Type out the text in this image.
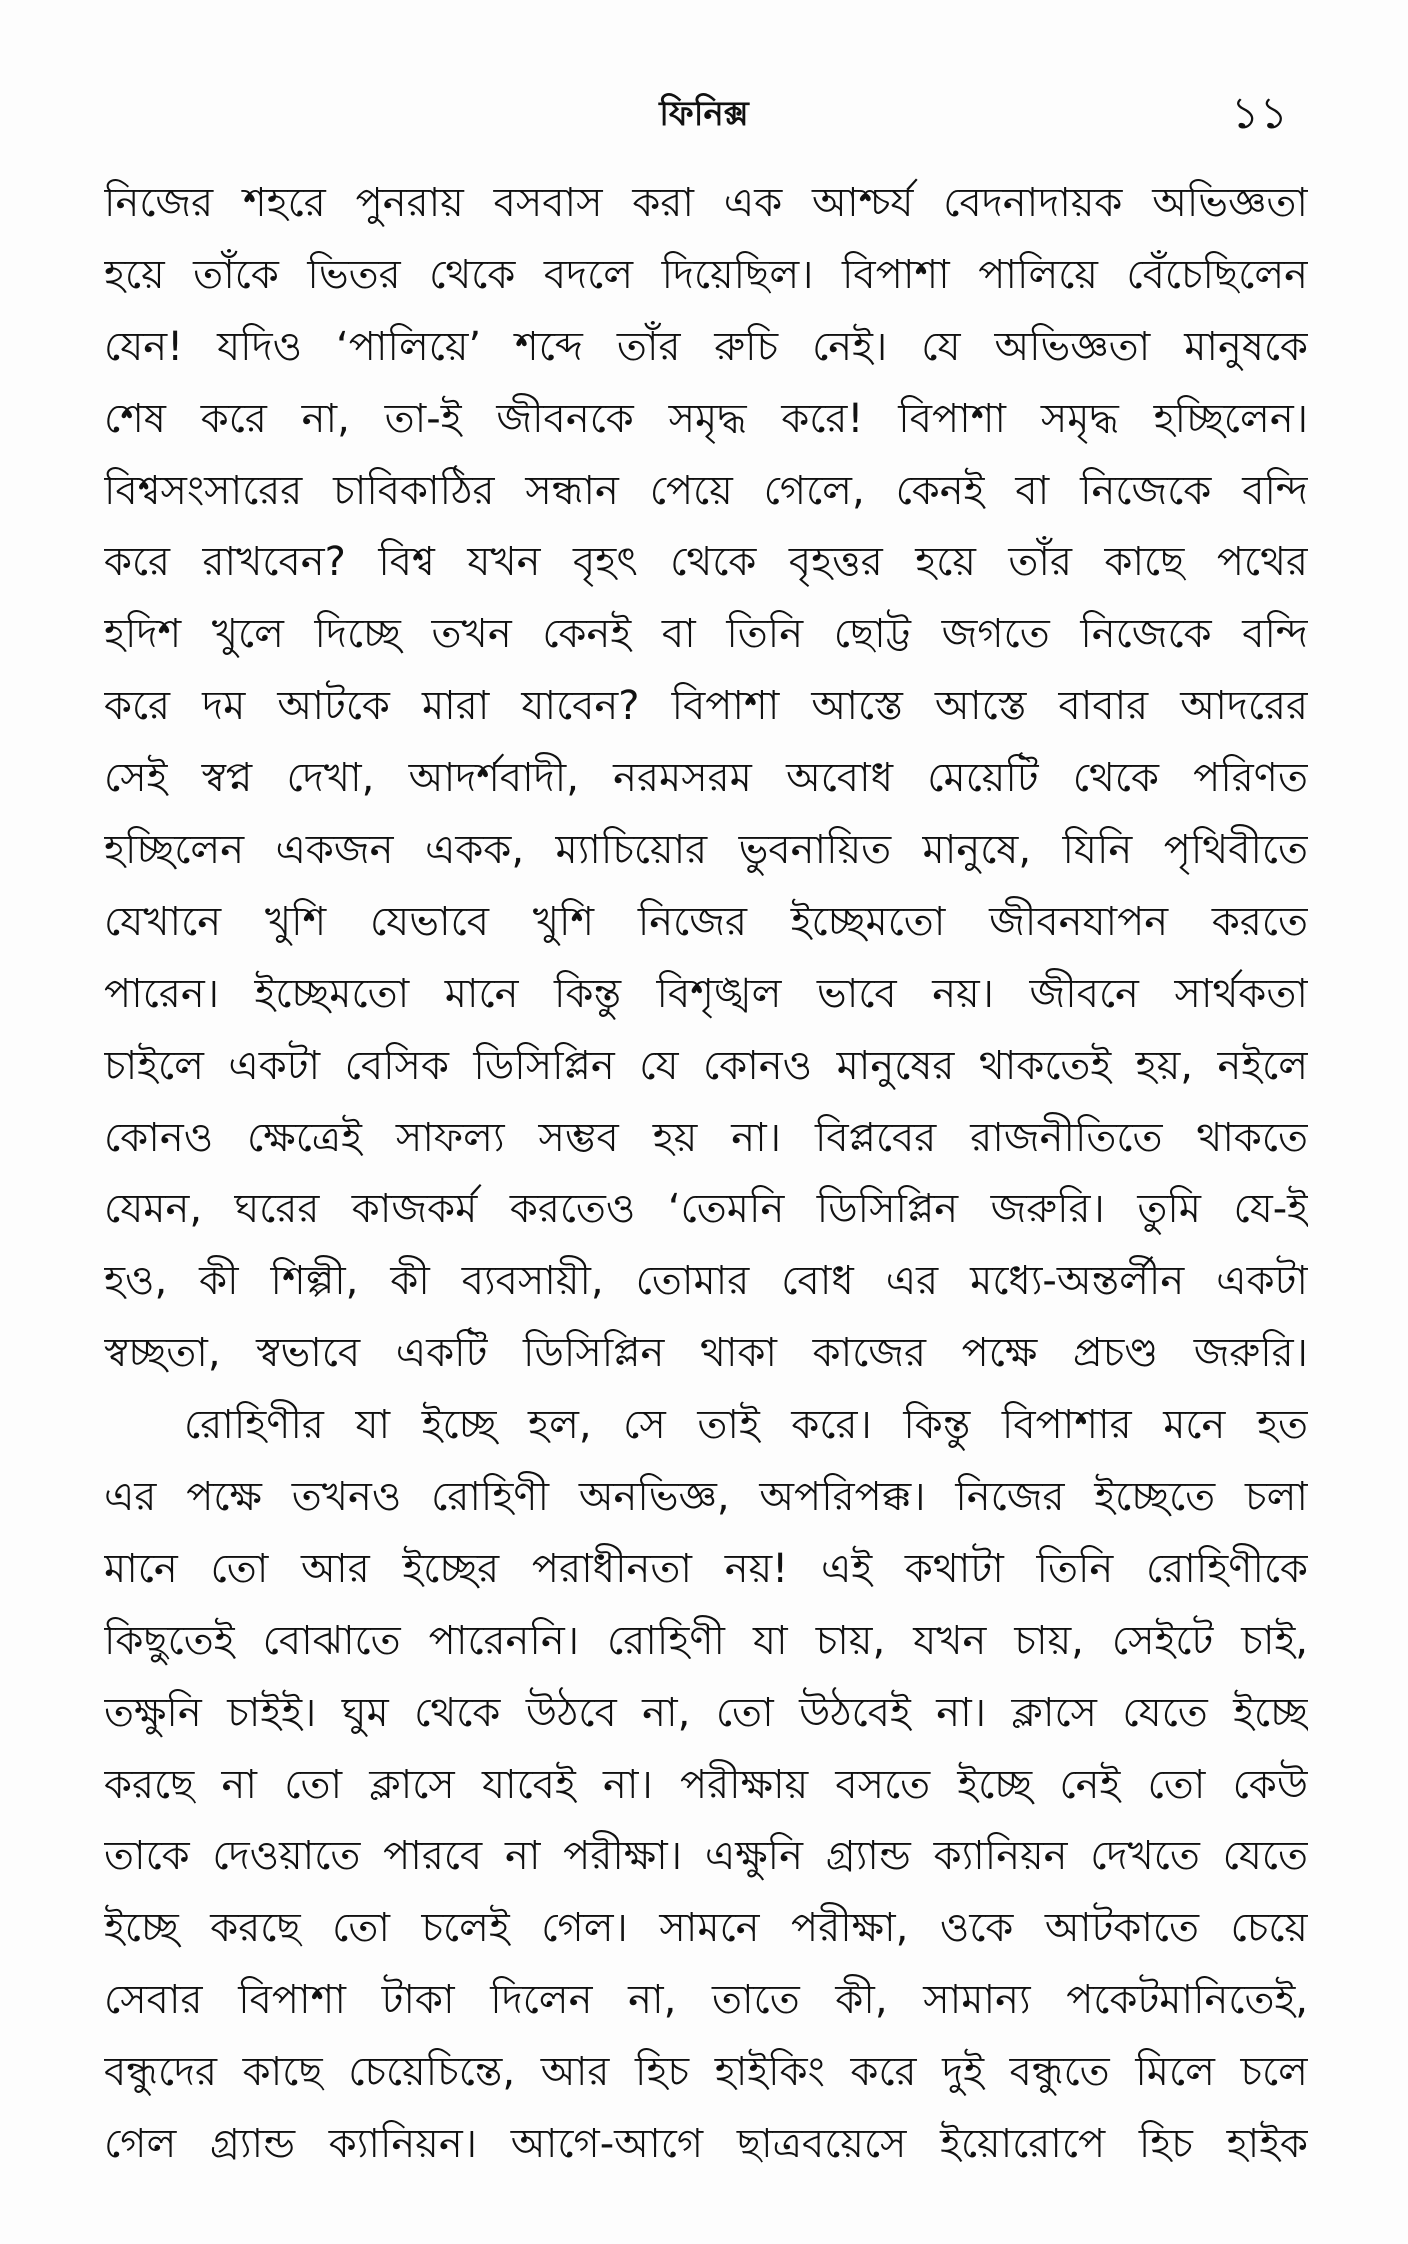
ফিনিক্স	১১
নিজের শহরে পুনরায় বসবাস করা এক আশ্চর্য বেদনাদায়ক অভিজ্ঞতা
হয়ে তাঁকে ভিতর থেকে বদলে দিয়েছিল। বিপাশা পালিয়ে বেঁচেছিলেন
যেন! যদিও ‘পালিয়ে’ শব্দে তাঁর রুচি নেই। যে অভিজ্ঞতা মানুষকে
শেষ করে না, তা-ই জীবনকে সমৃদ্ধ করে! বিপাশা সমৃদ্ধ হচ্ছিলেন।
বিশ্বসংসারের চাবিকাঠির সন্ধান পেয়ে গেলে, কেনই বা নিজেকে বন্দি
করে রাখবেন? বিশ্ব যখন বৃহৎ থেকে বৃহত্তর হয়ে তাঁর কাছে পথের
হদিশ খুলে দিচ্ছে তখন কেনই বা তিনি ছোট্ট জগতে নিজেকে বন্দি
করে দম আটকে মারা যাবেন? বিপাশা আস্তে আস্তে বাবার আদরের
সেই স্বপ্ন দেখা, আদর্শবাদী, নরমসরম অবোধ মেয়েটি থেকে পরিণত
হচ্ছিলেন একজন একক, ম্যাচিয়োর ভুবনায়িত মানুষে, যিনি পৃথিবীতে
যেখানে খুশি যেভাবে খুশি নিজের ইচ্ছেমতো জীবনযাপন করতে
পারেন। ইচ্ছেমতো মানে কিন্তু বিশৃঙ্খল ভাবে নয়। জীবনে সার্থকতা
চাইলে একটা বেসিক ডিসিপ্লিন যে কোনও মানুষের থাকতেই হয়, নইলে
কোনও ক্ষেত্রেই সাফল্য সম্ভব হয় না। বিপ্লবের রাজনীতিতে থাকতে
যেমন, ঘরের কাজকর্ম করতেও ‘তেমনি ডিসিপ্লিন জরুরি। তুমি যে-ই
হও, কী শিল্পী, কী ব্যবসায়ী, তোমার বোধ এর মধ্যে-অন্তর্লীন একটা
স্বচ্ছতা, স্বভাবে একটি ডিসিপ্লিন থাকা কাজের পক্ষে প্রচণ্ড জরুরি।
রোহিণীর যা ইচ্ছে হল, সে তাই করে। কিন্তু বিপাশার মনে হত
এর পক্ষে তখনও রোহিণী অনভিজ্ঞ, অপরিপক্ক। নিজের ইচ্ছেতে চলা
মানে তো আর ইচ্ছের পরাধীনতা নয়! এই কথাটা তিনি রোহিণীকে
কিছুতেই বোঝাতে পারেননি। রোহিণী যা চায়, যখন চায়, সেইটে চাই,
তক্ষুনি চাইই। ঘুম থেকে উঠবে না, তো উঠবেই না। ক্লাসে যেতে ইচ্ছে
করছে না তো ক্লাসে যাবেই না। পরীক্ষায় বসতে ইচ্ছে নেই তো কেউ
তাকে দেওয়াতে পারবে না পরীক্ষা। এক্ষুনি গ্র্যান্ড ক্যানিয়ন দেখতে যেতে
ইচ্ছে করছে তো চলেই গেল। সামনে পরীক্ষা, ওকে আটকাতে চেয়ে
সেবার বিপাশা টাকা দিলেন না, তাতে কী, সামান্য পকেটমানিতেই,
বন্ধুদের কাছে চেয়েচিন্তে, আর হিচ হাইকিং করে দুই বন্ধুতে মিলে চলে
গেল গ্র্যান্ড ক্যানিয়ন। আগে-আগে ছাত্রবয়েসে ইয়োরোপে হিচ হাইক
